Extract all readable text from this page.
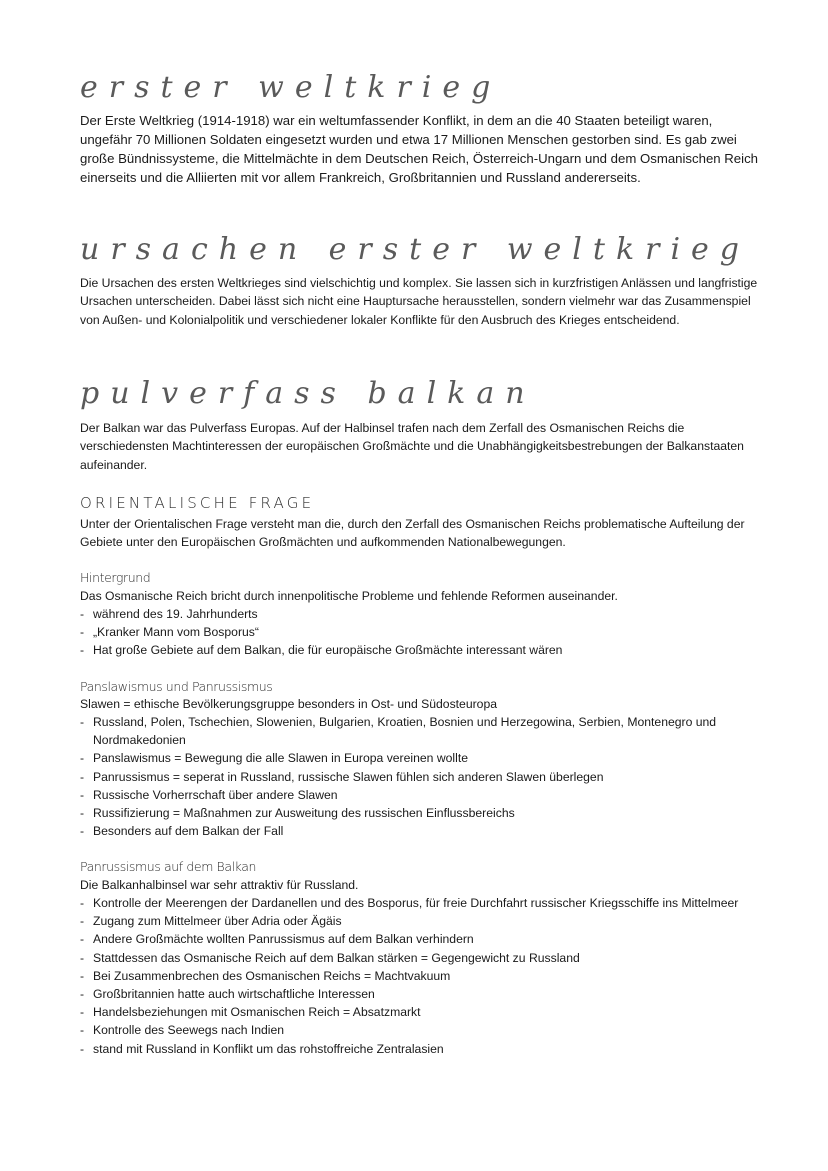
erster weltkrieg
Der Erste Weltkrieg (1914-1918) war ein weltumfassender Konflikt, in dem an die 40 Staaten beteiligt waren, ungefähr 70 Millionen Soldaten eingesetzt wurden und etwa 17 Millionen Menschen gestorben sind. Es gab zwei große Bündnissysteme, die Mittelmächte in dem Deutschen Reich, Österreich-Ungarn und dem Osmanischen Reich einerseits und die Alliierten mit vor allem Frankreich, Großbritannien und Russland andererseits.
ursachen erster weltkrieg
Die Ursachen des ersten Weltkrieges sind vielschichtig und komplex. Sie lassen sich in kurzfristigen Anlässen und langfristige Ursachen unterscheiden. Dabei lässt sich nicht eine Hauptursache herausstellen, sondern vielmehr war das Zusammenspiel von Außen- und Kolonialpolitik und verschiedener lokaler Konflikte für den Ausbruch des Krieges entscheidend.
pulverfass balkan
Der Balkan war das Pulverfass Europas. Auf der Halbinsel trafen nach dem Zerfall des Osmanischen Reichs die verschiedensten Machtinteressen der europäischen Großmächte und die Unabhängigkeitsbestrebungen der Balkanstaaten aufeinander.
ORIENTALISCHE FRAGE
Unter der Orientalischen Frage versteht man die, durch den Zerfall des Osmanischen Reichs problematische Aufteilung der Gebiete unter den Europäischen Großmächten und aufkommenden Nationalbewegungen.
Hintergrund
Das Osmanische Reich bricht durch innenpolitische Probleme und fehlende Reformen auseinander.
- während des 19. Jahrhunderts
- „Kranker Mann vom Bosporus“
- Hat große Gebiete auf dem Balkan, die für europäische Großmächte interessant wären
Panslawismus und Panrussismus
Slawen = ethische Bevölkerungsgruppe besonders in Ost- und Südosteuropa
- Russland, Polen, Tschechien, Slowenien, Bulgarien, Kroatien, Bosnien und Herzegowina, Serbien, Montenegro und Nordmakedonien
- Panslawismus = Bewegung die alle Slawen in Europa vereinen wollte
- Panrussismus = seperat in Russland, russische Slawen fühlen sich anderen Slawen überlegen
- Russische Vorherrschaft über andere Slawen
- Russifizierung = Maßnahmen zur Ausweitung des russischen Einflussbereichs
- Besonders auf dem Balkan der Fall
Panrussismus auf dem Balkan
Die Balkanhalbinsel war sehr attraktiv für Russland.
- Kontrolle der Meerengen der Dardanellen und des Bosporus, für freie Durchfahrt russischer Kriegsschiffe ins Mittelmeer
- Zugang zum Mittelmeer über Adria oder Ägäis
- Andere Großmächte wollten Panrussismus auf dem Balkan verhindern
- Stattdessen das Osmanische Reich auf dem Balkan stärken = Gegengewicht zu Russland
- Bei Zusammenbrechen des Osmanischen Reichs = Machtvakuum
- Großbritannien hatte auch wirtschaftliche Interessen
- Handelsbeziehungen mit Osmanischen Reich = Absatzmarkt
- Kontrolle des Seewegs nach Indien
- stand mit Russland in Konflikt um das rohstoffreiche Zentralasien
